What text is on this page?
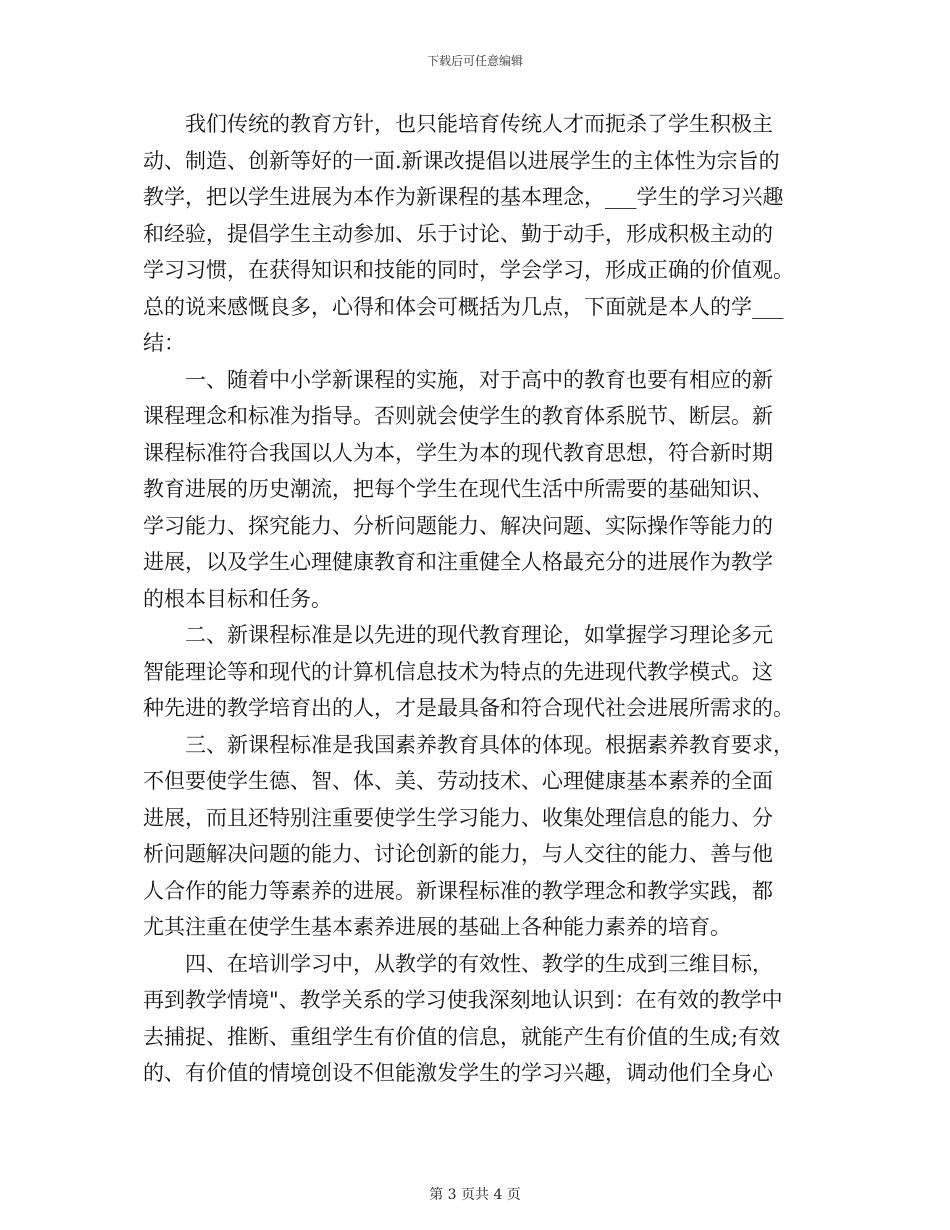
下载后可任意编辑
我们传统的教育方针，也只能培育传统人才而扼杀了学生积极主
动、制造、创新等好的一面.新课改提倡以进展学生的主体性为宗旨的
教学，把以学生进展为本作为新课程的基本理念，___学生的学习兴趣
和经验，提倡学生主动参加、乐于讨论、勤于动手，形成积极主动的
学习习惯，在获得知识和技能的同时，学会学习，形成正确的价值观。
总的说来感慨良多，心得和体会可概括为几点，下面就是本人的学___
结：
一、随着中小学新课程的实施，对于高中的教育也要有相应的新
课程理念和标准为指导。否则就会使学生的教育体系脱节、断层。新
课程标准符合我国以人为本，学生为本的现代教育思想，符合新时期
教育进展的历史潮流，把每个学生在现代生活中所需要的基础知识、
学习能力、探究能力、分析问题能力、解决问题、实际操作等能力的
进展，以及学生心理健康教育和注重健全人格最充分的进展作为教学
的根本目标和任务。
二、新课程标准是以先进的现代教育理论，如掌握学习理论多元
智能理论等和现代的计算机信息技术为特点的先进现代教学模式。这
种先进的教学培育出的人，才是最具备和符合现代社会进展所需求的。
三、新课程标准是我国素养教育具体的体现。根据素养教育要求，
不但要使学生德、智、体、美、劳动技术、心理健康基本素养的全面
进展，而且还特别注重要使学生学习能力、收集处理信息的能力、分
析问题解决问题的能力、讨论创新的能力，与人交往的能力、善与他
人合作的能力等素养的进展。新课程标准的教学理念和教学实践，都
尤其注重在使学生基本素养进展的基础上各种能力素养的培育。
四、在培训学习中，从教学的有效性、教学的生成到三维目标，
再到教学情境"、教学关系的学习使我深刻地认识到：在有效的教学中
去捕捉、推断、重组学生有价值的信息，就能产生有价值的生成;有效
的、有价值的情境创设不但能激发学生的学习兴趣，调动他们全身心
第 3 页共 4 页
